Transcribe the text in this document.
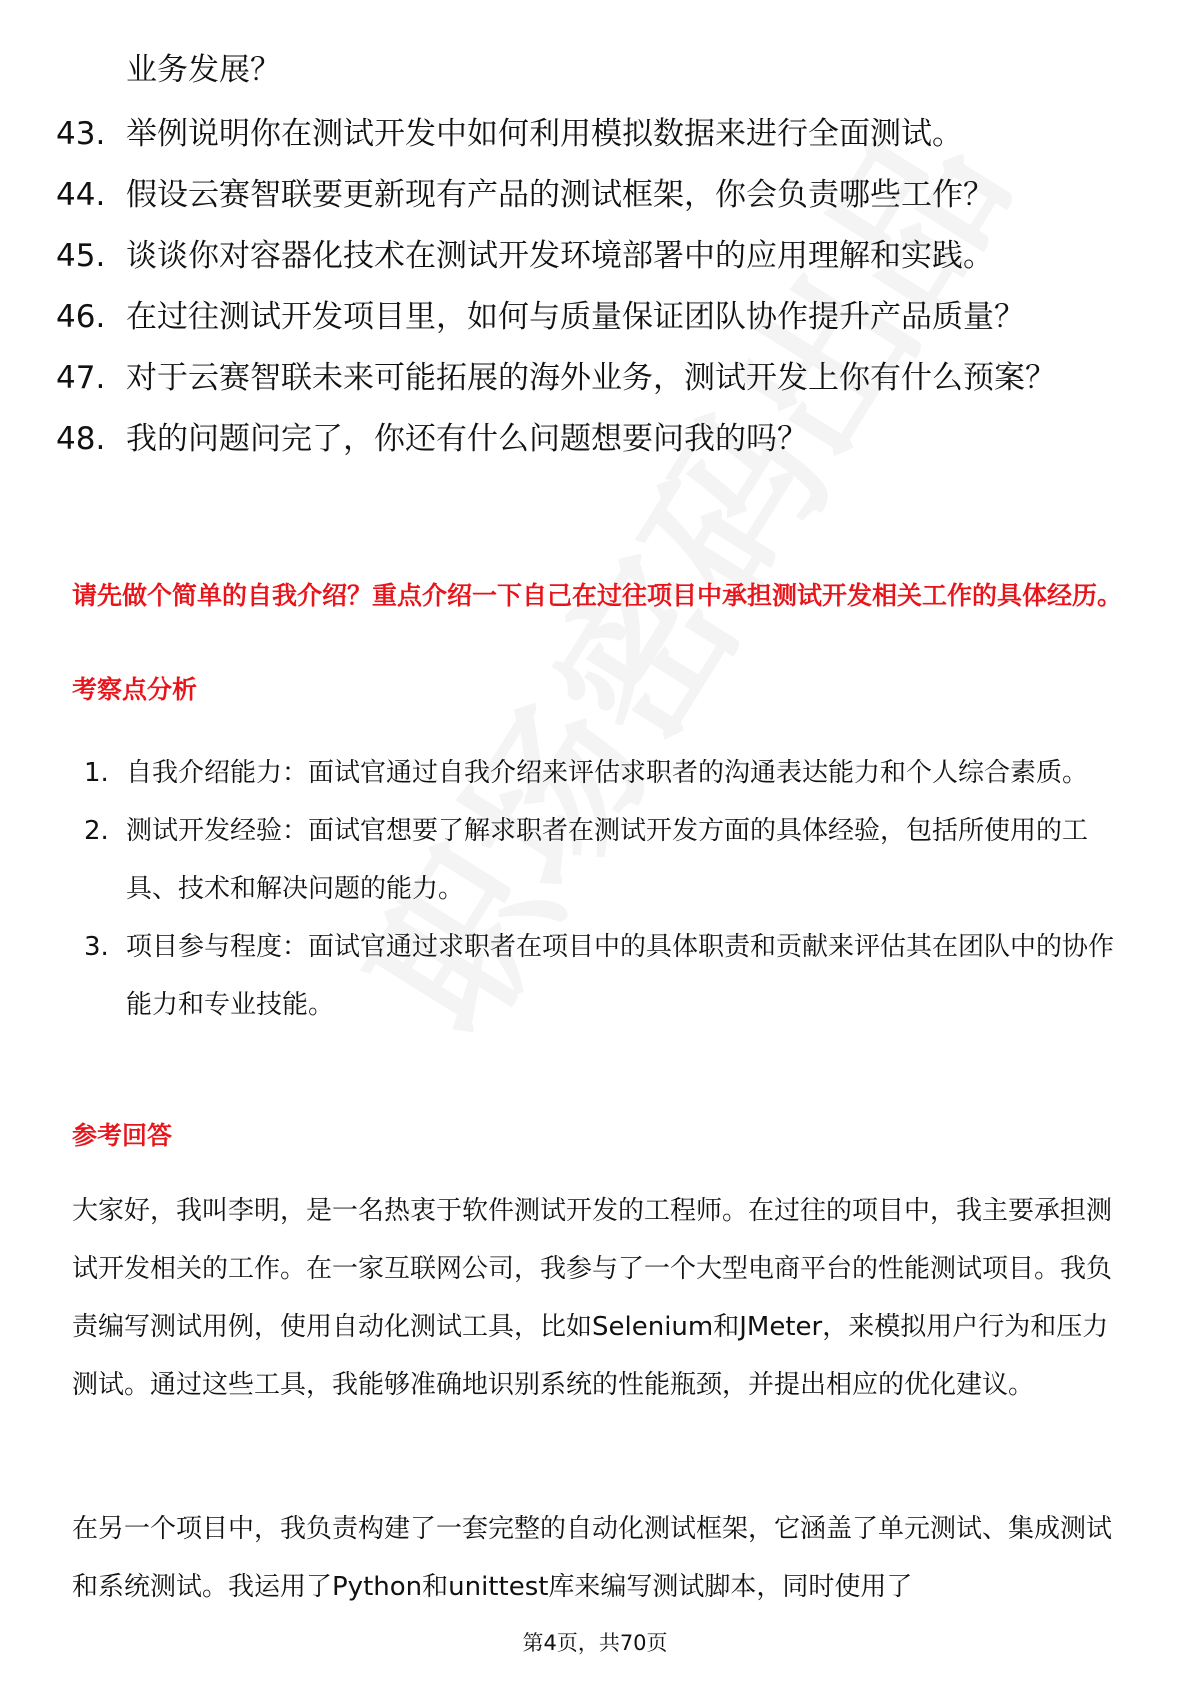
业务发展？
43. 举例说明你在测试开发中如何利用模拟数据来进行全面测试。
44. 假设云赛智联要更新现有产品的测试框架，你会负责哪些工作？
45. 谈谈你对容器化技术在测试开发环境部署中的应用理解和实践。
46. 在过往测试开发项目里，如何与质量保证团队协作提升产品质量？
47. 对于云赛智联未来可能拓展的海外业务，测试开发上你有什么预案？
48. 我的问题问完了，你还有什么问题想要问我的吗？
请先做个简单的自我介绍？重点介绍一下自己在过往项目中承担测试开发相关工作的具体经历。
考察点分析
1. 自我介绍能力：面试官通过自我介绍来评估求职者的沟通表达能力和个人综合素质。
2. 测试开发经验：面试官想要了解求职者在测试开发方面的具体经验，包括所使用的工具、技术和解决问题的能力。
3. 项目参与程度：面试官通过求职者在项目中的具体职责和贡献来评估其在团队中的协作能力和专业技能。
参考回答
大家好，我叫李明，是一名热衷于软件测试开发的工程师。在过往的项目中，我主要承担测试开发相关的工作。在一家互联网公司，我参与了一个大型电商平台的性能测试项目。我负责编写测试用例，使用自动化测试工具，比如Selenium和JMeter，来模拟用户行为和压力测试。通过这些工具，我能够准确地识别系统的性能瓶颈，并提出相应的优化建议。
在另一个项目中，我负责构建了一套完整的自动化测试框架，它涵盖了单元测试、集成测试和系统测试。我运用了Python和unittest库来编写测试脚本，同时使用了
第4页，共70页
